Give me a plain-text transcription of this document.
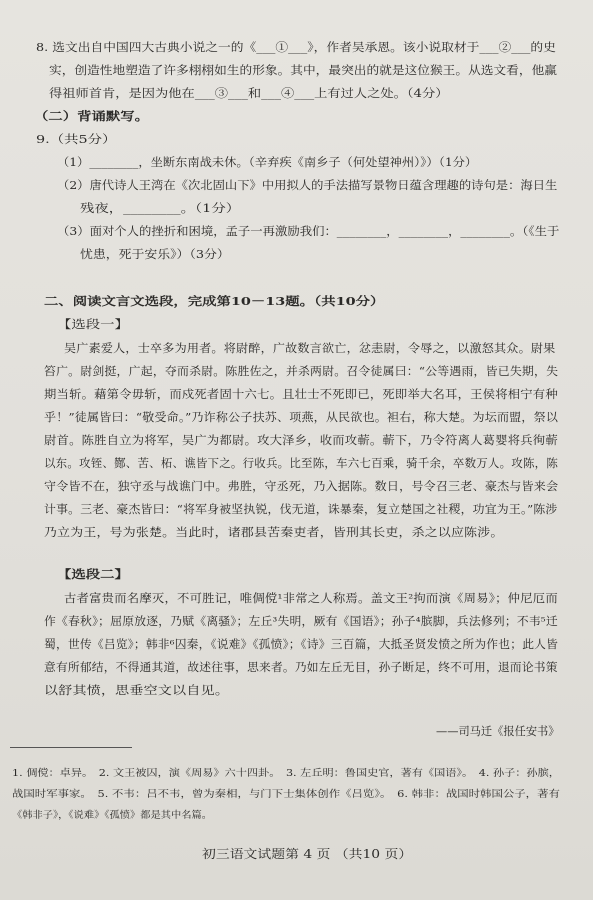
8. 选文出自中国四大古典小说之一的《___①___》，作者吴承恩。该小说取材于___②___的史
实，创造性地塑造了许多栩栩如生的形象。其中，最突出的就是这位猴王。从选文看，他赢
得祖师首肯，是因为他在___③___和___④___上有过人之处。（4分）
（二）背诵默写。
9.（共5分）
（1）________，坐断东南战未休。（辛弃疾《南乡子（何处望神州）》）（1分）
（2）唐代诗人王湾在《次北固山下》中用拟人的手法描写景物日蕴含理趣的诗句是：海日生
残夜，________。（1分）
（3）面对个人的挫折和困境，孟子一再激励我们：________，________，________。（《生于
忧患，死于安乐》）（3分）
二、阅读文言文选段，完成第10－13题。（共10分）
【选段一】
吴广素爱人，士卒多为用者。将尉醉，广故数言欲亡，忿恚尉，令辱之，以激怒其众。尉果
笞广。尉剑挺，广起，夺而杀尉。陈胜佐之，并杀两尉。召令徒属曰：“公等遇雨，皆已失期，失
期当斩。藉第令毋斩，而戍死者固十六七。且壮士不死即已，死即举大名耳，王侯将相宁有种
乎！”徒属皆曰：“敬受命。”乃诈称公子扶苏、项燕，从民欲也。袒右，称大楚。为坛而盟，祭以
尉首。陈胜自立为将军，吴广为都尉。攻大泽乡，收而攻蕲。蕲下，乃令符离人葛婴将兵徇蕲
以东。攻铚、酂、苦、柘、谯皆下之。行收兵。比至陈，车六七百乘，骑千余，卒数万人。攻陈，陈
守令皆不在，独守丞与战谯门中。弗胜，守丞死，乃入据陈。数日，号令召三老、豪杰与皆来会
计事。三老、豪杰皆曰：“将军身被坚执锐，伐无道，诛暴秦，复立楚国之社稷，功宜为王。”陈涉
乃立为王，号为张楚。当此时，诸郡县苦秦吏者，皆刑其长吏，杀之以应陈涉。
【选段二】
古者富贵而名摩灭，不可胜记，唯倜傥¹非常之人称焉。盖文王²拘而演《周易》；仲尼厄而
作《春秋》；屈原放逐，乃赋《离骚》；左丘³失明，厥有《国语》；孙子⁴膑脚，兵法修列；不韦⁵迁
蜀，世传《吕览》；韩非⁶囚秦，《说难》《孤愤》；《诗》三百篇，大抵圣贤发愤之所为作也；此人皆
意有所郁结，不得通其道，故述往事，思来者。乃如左丘无目，孙子断足，终不可用，退而论书策
以舒其愤，思垂空文以自见。
——司马迁《报任安书》
1. 倜傥：卓异。　2. 文王被囚，演《周易》六十四卦。　3. 左丘明：鲁国史官，著有《国语》。　4. 孙子：孙膑，
战国时军事家。　5. 不韦：吕不韦，曾为秦相，与门下士集体创作《吕览》。　6. 韩非：战国时韩国公子，著有
《韩非子》，《说难》《孤愤》都是其中名篇。
初三语文试题第 4 页 （共10 页）
